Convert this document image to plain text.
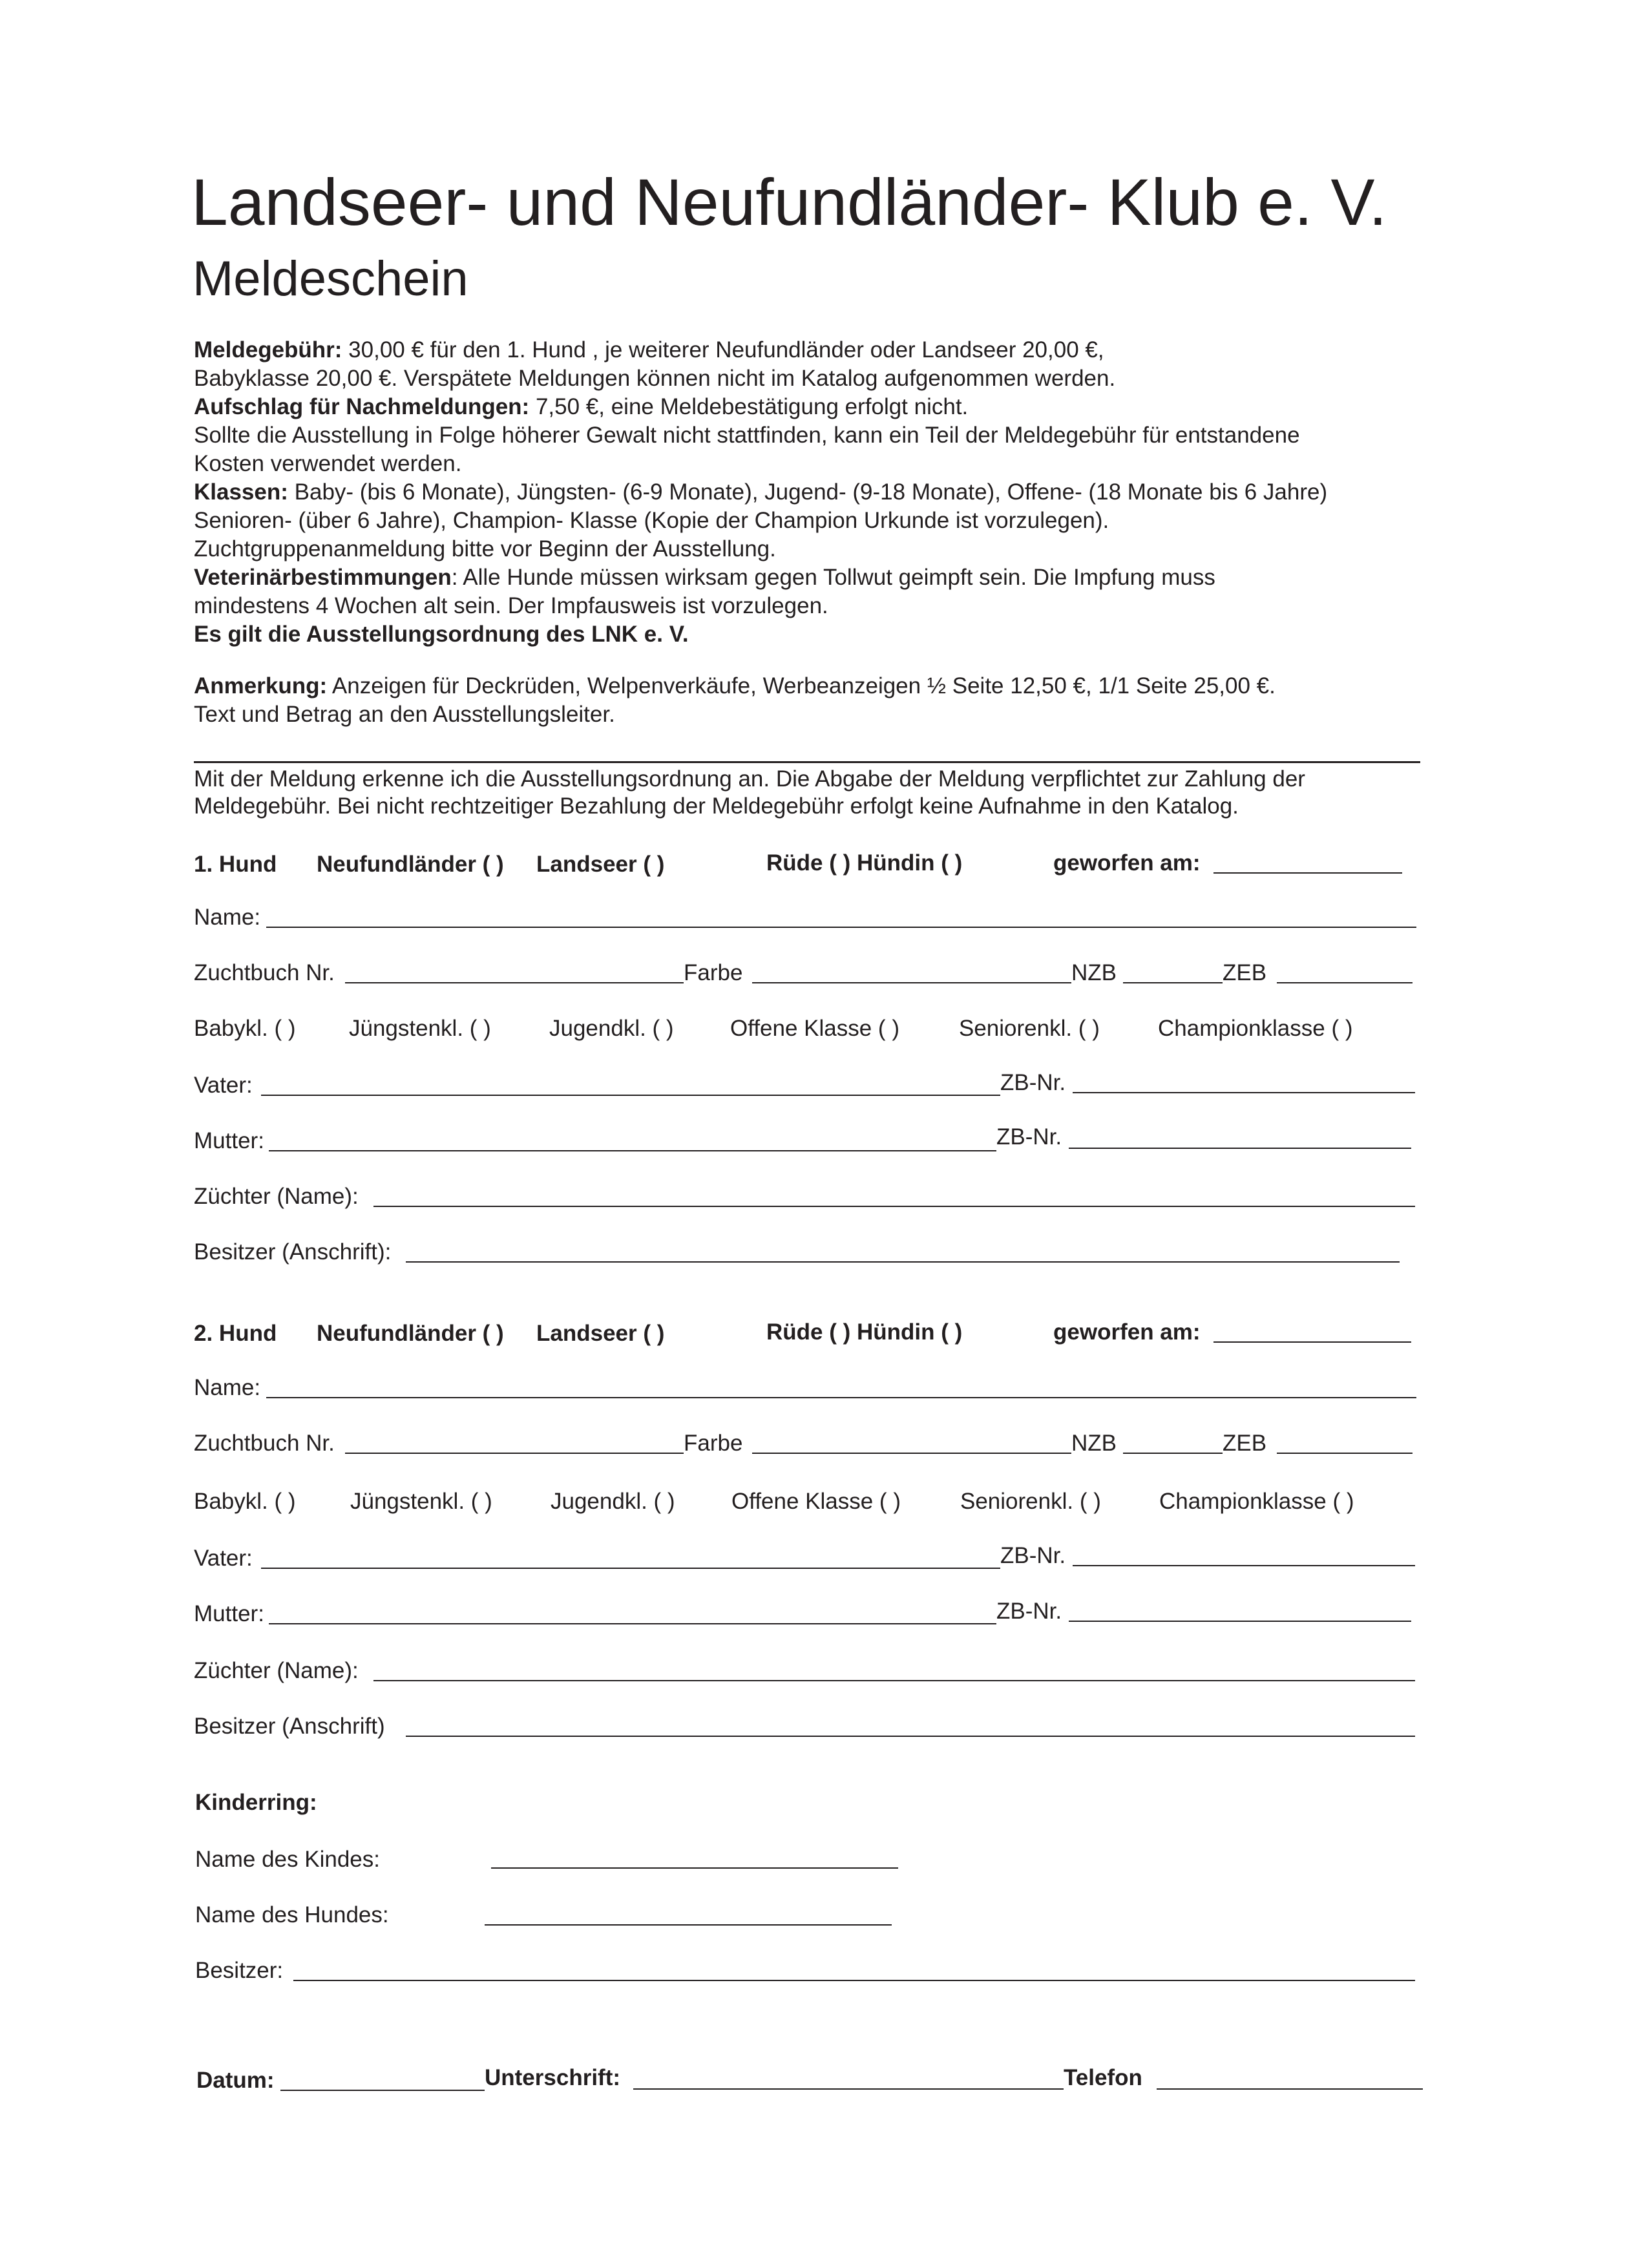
Landseer- und Neufundländer- Klub e. V.
Meldeschein
Meldegebühr: 30,00 € für den 1. Hund , je weiterer Neufundländer oder Landseer 20,00 €,
Babyklasse 20,00 €. Verspätete Meldungen können nicht im Katalog aufgenommen werden.
Aufschlag für Nachmeldungen: 7,50 €, eine Meldebestätigung erfolgt nicht.
Sollte die Ausstellung in Folge höherer Gewalt nicht stattfinden, kann ein Teil der Meldegebühr für entstandene
Kosten verwendet werden.
Klassen: Baby- (bis 6 Monate), Jüngsten- (6-9 Monate), Jugend- (9-18 Monate), Offene- (18 Monate bis 6 Jahre)
Senioren- (über 6 Jahre), Champion- Klasse (Kopie der Champion Urkunde ist vorzulegen).
Zuchtgruppenanmeldung bitte vor Beginn der Ausstellung.
Veterinärbestimmungen: Alle Hunde müssen wirksam gegen Tollwut geimpft sein. Die Impfung muss
mindestens 4 Wochen alt sein. Der Impfausweis ist vorzulegen.
Es gilt die Ausstellungsordnung des LNK e. V.
Anmerkung: Anzeigen für Deckrüden, Welpenverkäufe, Werbeanzeigen ½ Seite 12,50 €, 1/1 Seite 25,00 €.
Text und Betrag an den Ausstellungsleiter.
Mit der Meldung erkenne ich die Ausstellungsordnung an. Die Abgabe der Meldung verpflichtet zur Zahlung der
Meldegebühr. Bei nicht rechtzeitiger Bezahlung der Meldegebühr erfolgt keine Aufnahme in den Katalog.
1. Hund Neufundländer ( ) Landseer ( )	Rüde ( ) Hündin ( )	geworfen am:
Name:
Zuchtbuch Nr.	Farbe	NZB	ZEB
Babykl. ( ) Jüngstenkl. ( )	Jugendkl. ( ) Offene Klasse ( )	Seniorenkl. ( )	Championklasse ( )
Vater:	ZB-Nr.
Mutter:	ZB-Nr.
Züchter (Name):
Besitzer (Anschrift):
2. Hund Neufundländer ( ) Landseer ( )	Rüde ( ) Hündin ( )	geworfen am:
Name:
Zuchtbuch Nr.	Farbe	NZB	ZEB
Babykl. ( ) Jüngstenkl. ( )	Jugendkl. ( ) Offene Klasse ( )	Seniorenkl. ( )	Championklasse ( )
Vater:	ZB-Nr.
Mutter:	ZB-Nr.
Züchter (Name):
Besitzer (Anschrift)
Kinderring:
Name des Kindes:
Name des Hundes:
Besitzer:
Datum:	Unterschrift:	Telefon
